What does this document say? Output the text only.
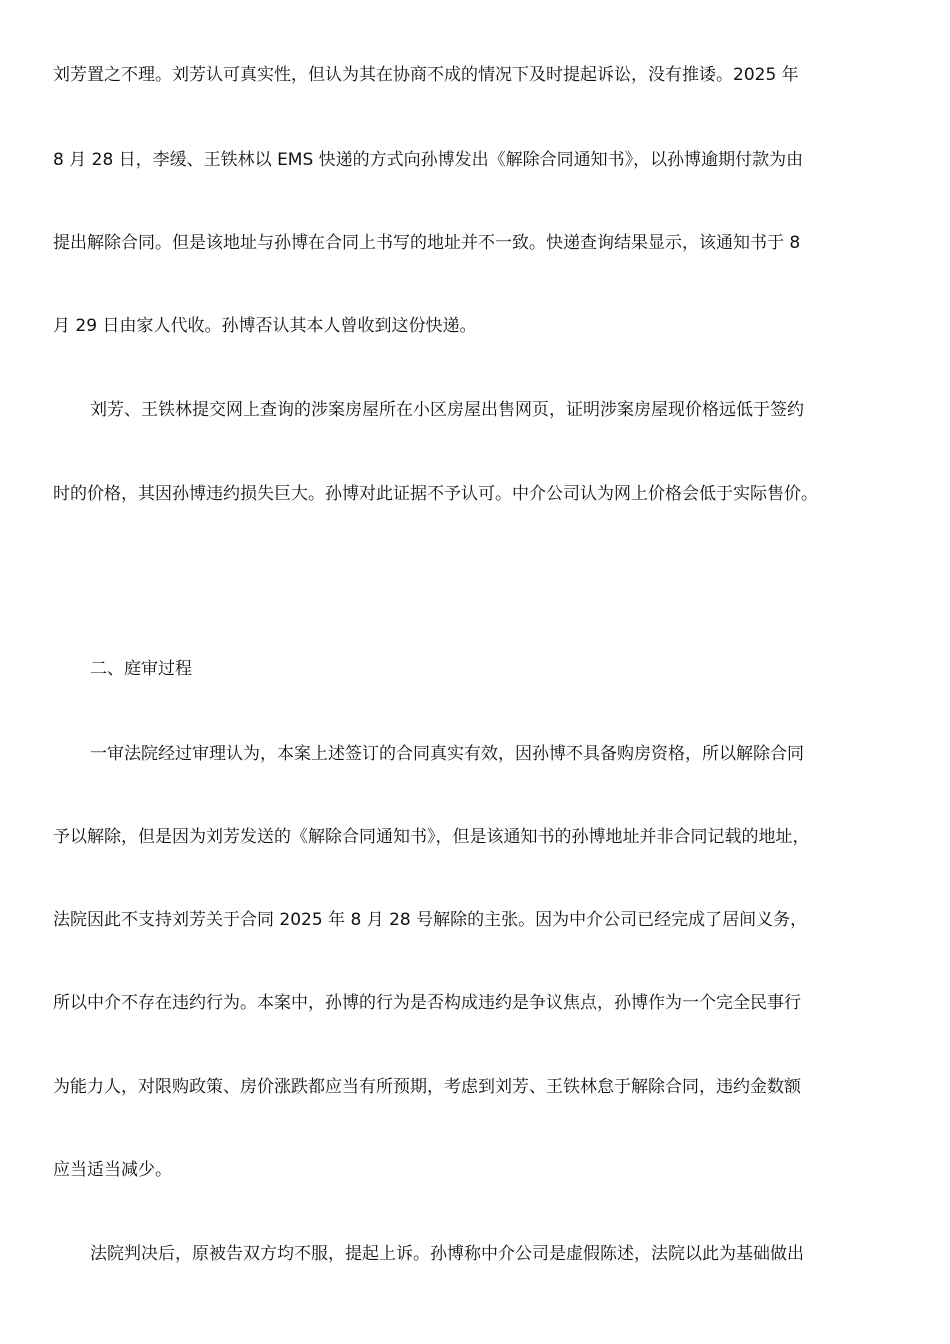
刘芳置之不理。刘芳认可真实性，但认为其在协商不成的情况下及时提起诉讼，没有推诿。2025 年
8 月 28 日，李缓、王铁林以 EMS 快递的方式向孙博发出《解除合同通知书》，以孙博逾期付款为由
提出解除合同。但是该地址与孙博在合同上书写的地址并不一致。快递查询结果显示，该通知书于 8
月 29 日由家人代收。孙博否认其本人曾收到这份快递。
刘芳、王铁林提交网上查询的涉案房屋所在小区房屋出售网页，证明涉案房屋现价格远低于签约
时的价格，其因孙博违约损失巨大。孙博对此证据不予认可。中介公司认为网上价格会低于实际售价。
二、庭审过程
一审法院经过审理认为，本案上述签订的合同真实有效，因孙博不具备购房资格，所以解除合同
予以解除，但是因为刘芳发送的《解除合同通知书》，但是该通知书的孙博地址并非合同记载的地址，
法院因此不支持刘芳关于合同 2025 年 8 月 28 号解除的主张。因为中介公司已经完成了居间义务，
所以中介不存在违约行为。本案中，孙博的行为是否构成违约是争议焦点，孙博作为一个完全民事行
为能力人，对限购政策、房价涨跌都应当有所预期，考虑到刘芳、王铁林怠于解除合同，违约金数额
应当适当减少。
法院判决后，原被告双方均不服，提起上诉。孙博称中介公司是虚假陈述，法院以此为基础做出
